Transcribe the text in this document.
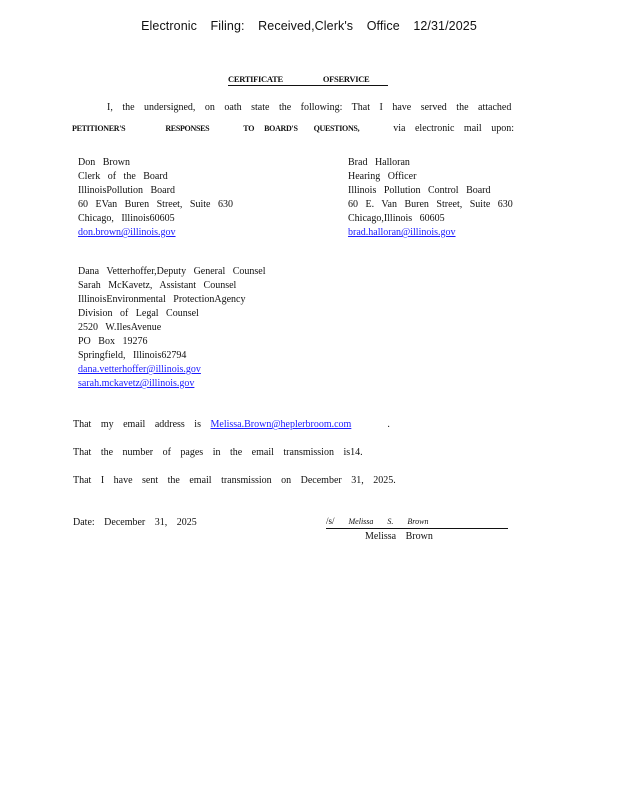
Electronic Filing: Received,Clerk's Office 12/31/2025
CERTIFICATE	OFSERVICE
I, the undersigned, on oath state the following: That I have served the attached
PETITIONER'S	RESPONSES	TO BOARD'S QUESTIONS,	via electronic mail upon:
Don Brown
Clerk of the Board
IllinoisPollution Board
60 EVan Buren Street, Suite 630
Chicago, Illinois60605
don.brown@illinois.gov
Brad Halloran
Hearing Officer
Illinois Pollution Control Board
60 E. Van Buren Street, Suite 630
Chicago,Illinois 60605
brad.halloran@illinois.gov
Dana Vetterhoffer,Deputy General Counsel
Sarah McKavetz, Assistant Counsel
IllinoisEnvironmental ProtectionAgency
Division of Legal Counsel
2520 W.IlesAvenue
PO Box 19276
Springfield, Illinois62794
dana.vetterhoffer@illinois.gov
sarah.mckavetz@illinois.gov
That my email address is Melissa.Brown@heplerbroom.com	.
That the number of pages in the email transmission is14.
That I have sent the email transmission on December 31, 2025.
Date: December 31, 2025	/s/ Melissa S. Brown
Melissa Brown
